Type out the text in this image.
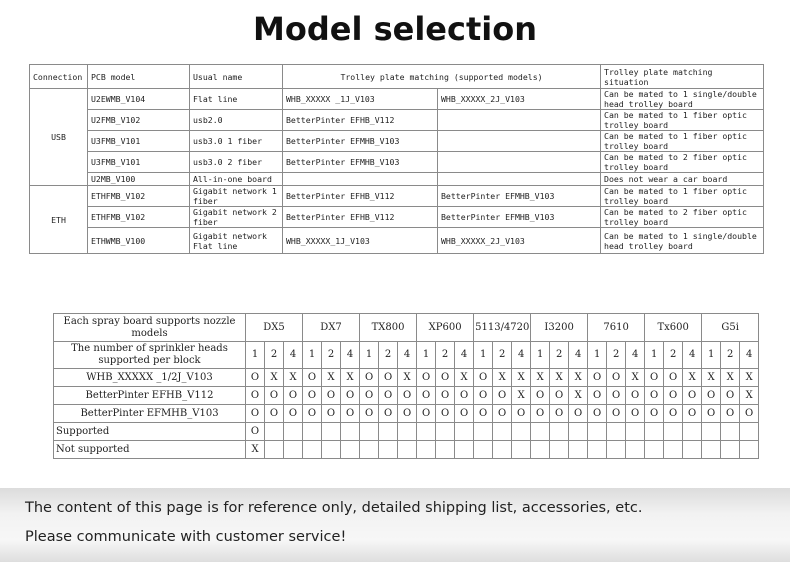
Model selection
Connection	PCB model	Usual name	Trolley plate matching (supported models)		Trolley plate matching situation
USB	U2EWMB_V104	Flat line	WHB_XXXXX _1J_V103	WHB_XXXXX_2J_V103	Can be mated to 1 single/double head trolley board
	U2FMB_V102	usb2.0	BetterPinter EFHB_V112		Can be mated to 1 fiber optic trolley board
	U3FMB_V101	usb3.0 1 fiber	BetterPinter EFMHB_V103		Can be mated to 1 fiber optic trolley board
	U3FMB_V101	usb3.0 2 fiber	BetterPinter EFMHB_V103		Can be mated to 2 fiber optic trolley board
	U2MB_V100	All-in-one board			Does not wear a car board
ETH	ETHFMB_V102	Gigabit network 1 fiber	BetterPinter EFHB_V112	BetterPinter EFMHB_V103	Can be mated to 1 fiber optic trolley board
	ETHFMB_V102	Gigabit network 2 fiber	BetterPinter EFHB_V112	BetterPinter EFMHB_V103	Can be mated to 2 fiber optic trolley board
	ETHWMB_V100	Gigabit network Flat line	WHB_XXXXX_1J_V103	WHB_XXXXX_2J_V103	Can be mated to 1 single/double head trolley board
Each spray board supports nozzle models	DX5			DX7			TX800			XP600			5113/4720			I3200			7610			Tx600			G5i		
The number of sprinkler heads supported per block	1	2	4	1	2	4	1	2	4	1	2	4	1	2	4	1	2	4	1	2	4	1	2	4	1	2	4
WHB_XXXXX _1/2J_V103	O	X	X	O	X	X	O	O	X	O	O	X	O	X	X	X	X	X	O	O	X	O	O	X	X	X	X
BetterPinter EFHB_V112	O	O	O	O	O	O	O	O	O	O	O	O	O	O	X	O	O	X	O	O	O	O	O	O	O	O	X
BetterPinter EFMHB_V103	O	O	O	O	O	O	O	O	O	O	O	O	O	O	O	O	O	O	O	O	O	O	O	O	O	O	O
Supported	O																										
Not supported	X																										
The content of this page is for reference only, detailed shipping list, accessories, etc.
Please communicate with customer service!
